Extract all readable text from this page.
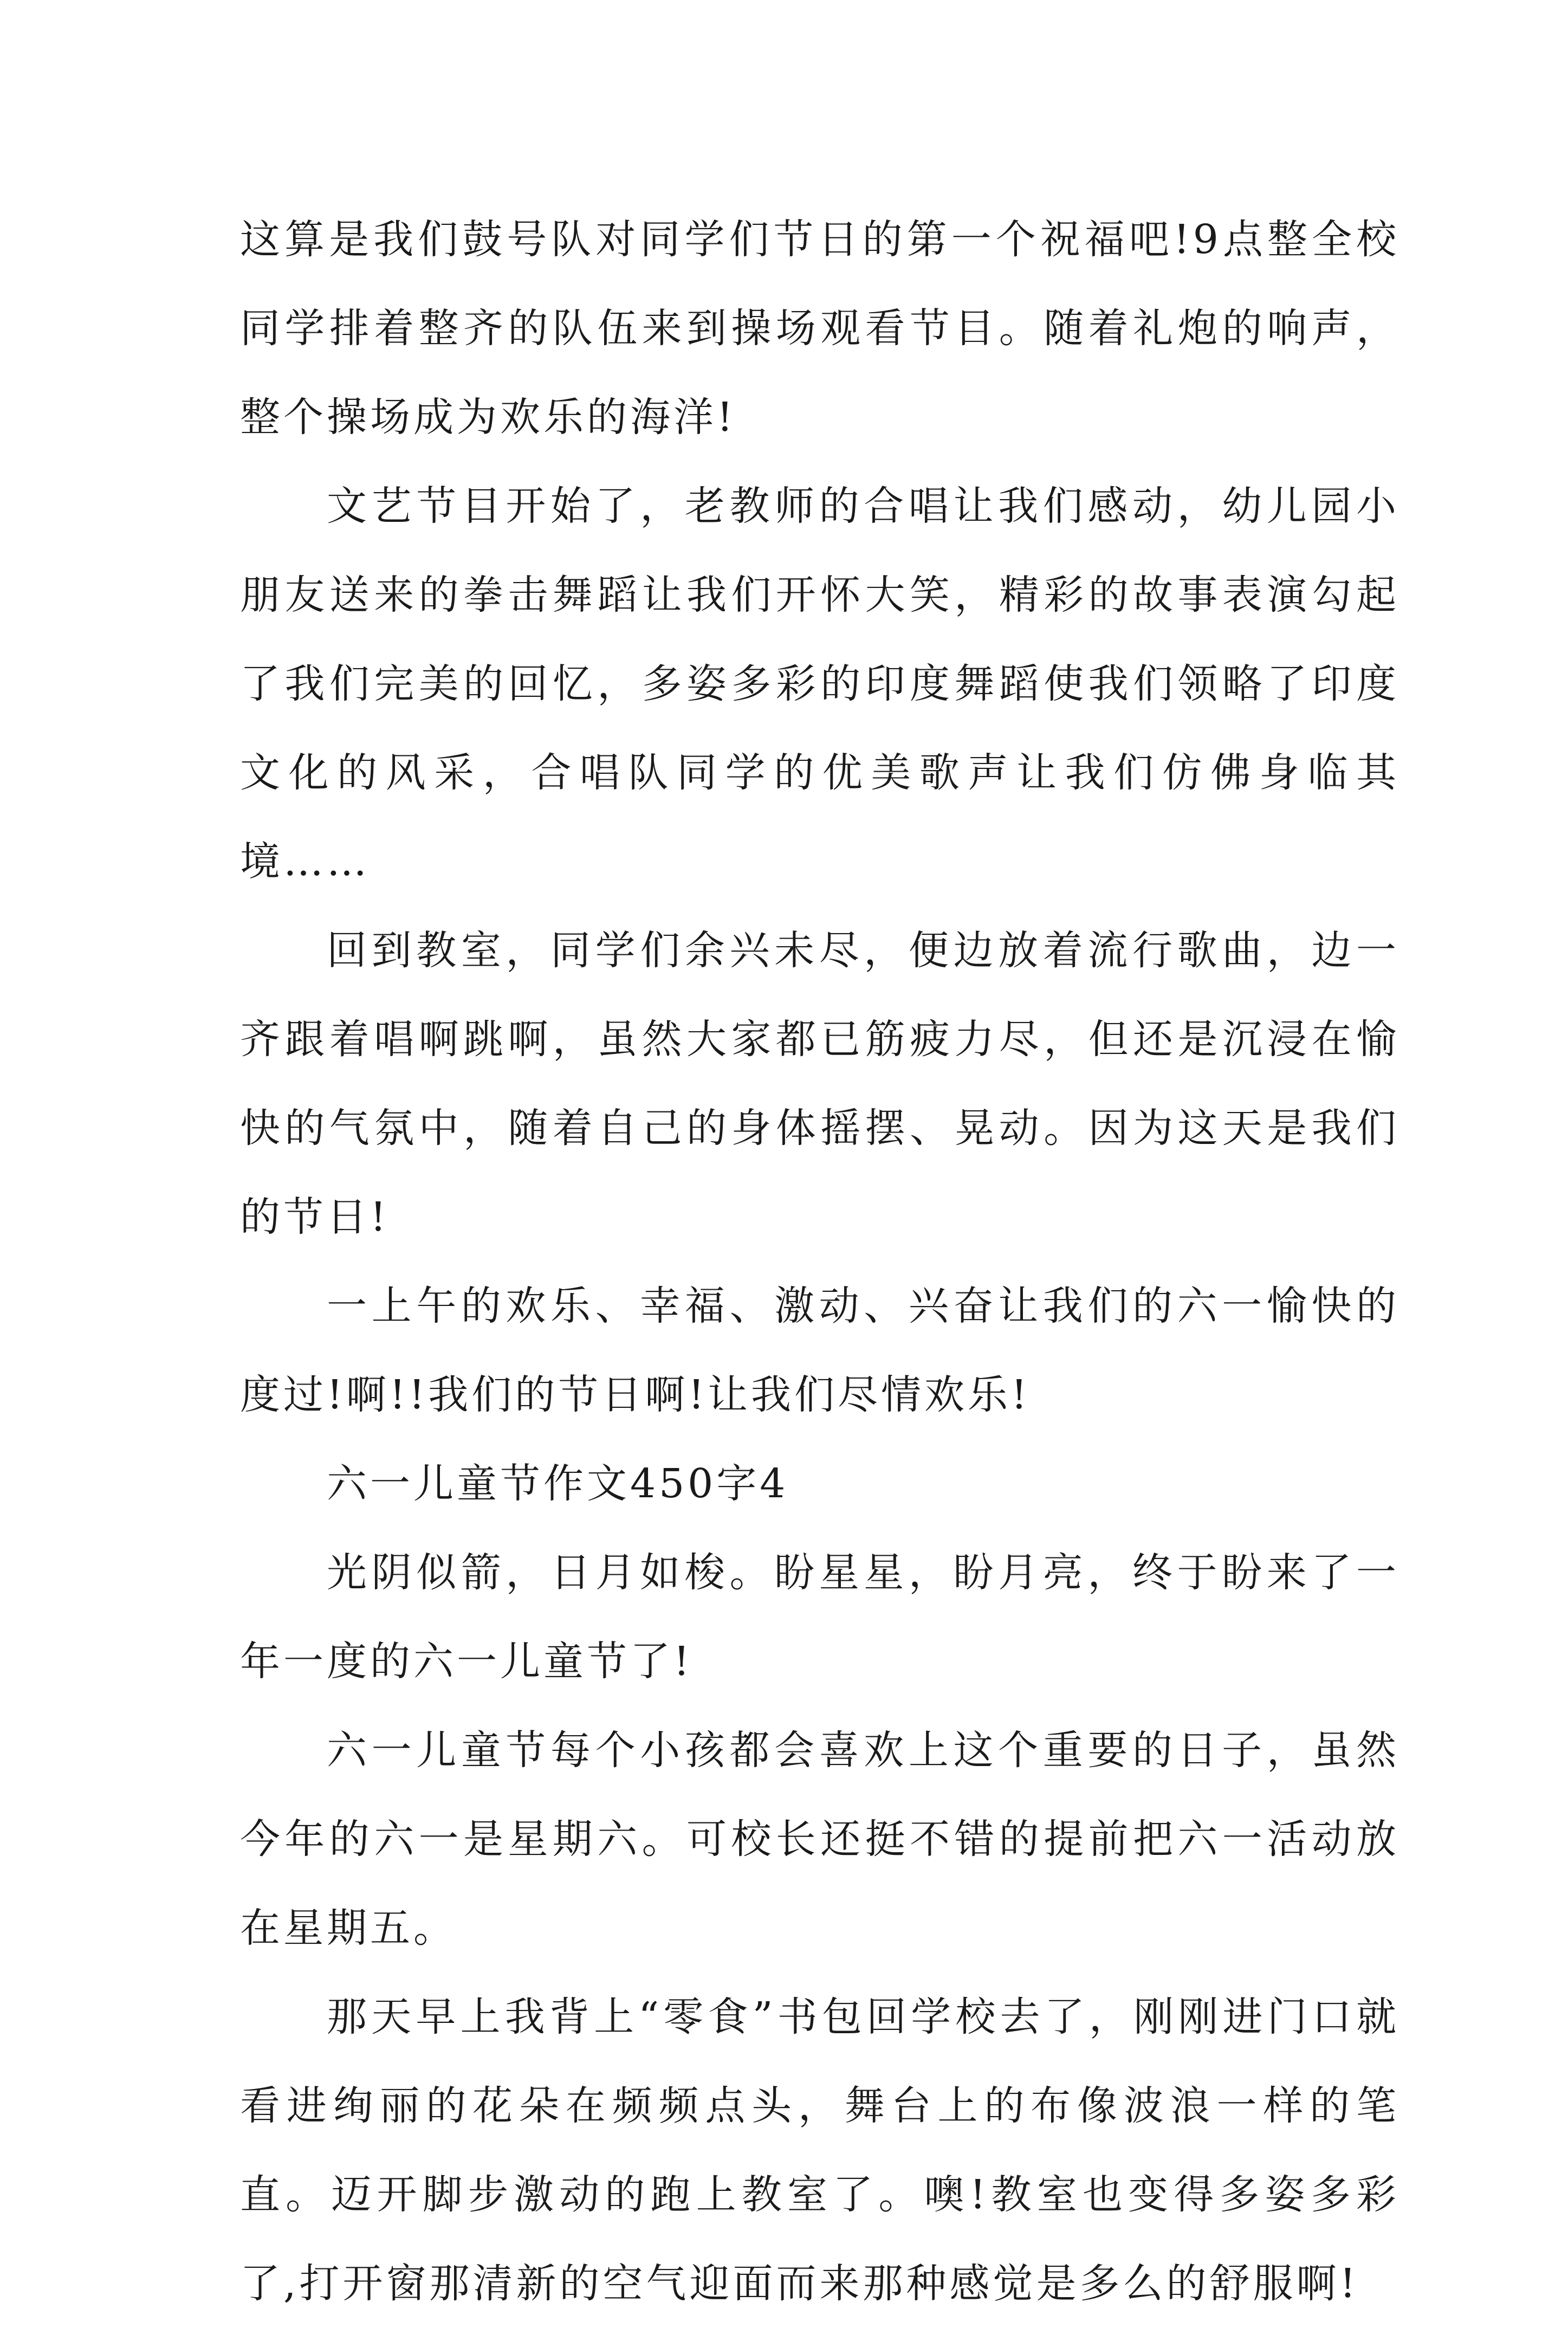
这算是我们鼓号队对同学们节日的第一个祝福吧!9点整全校同学排着整齐的队伍来到操场观看节目。随着礼炮的响声，整个操场成为欢乐的海洋!

文艺节目开始了，老教师的合唱让我们感动，幼儿园小朋友送来的拳击舞蹈让我们开怀大笑，精彩的故事表演勾起了我们完美的回忆，多姿多彩的印度舞蹈使我们领略了印度文化的风采，合唱队同学的优美歌声让我们仿佛身临其境……

回到教室，同学们余兴未尽，便边放着流行歌曲，边一齐跟着唱啊跳啊，虽然大家都已筋疲力尽，但还是沉浸在愉快的气氛中，随着自己的身体摇摆、晃动。因为这天是我们的节日!

一上午的欢乐、幸福、激动、兴奋让我们的六一愉快的度过!啊!!我们的节日啊!让我们尽情欢乐!

六一儿童节作文450字4

光阴似箭，日月如梭。盼星星，盼月亮，终于盼来了一年一度的六一儿童节了!

六一儿童节每个小孩都会喜欢上这个重要的日子，虽然今年的六一是星期六。可校长还挺不错的提前把六一活动放在星期五。

那天早上我背上“零食”书包回学校去了，刚刚进门口就看进绚丽的花朵在频频点头，舞台上的布像波浪一样的笔直。迈开脚步激动的跑上教室了。噢!教室也变得多姿多彩了,打开窗那清新的空气迎面而来那种感觉是多么的舒服啊!
